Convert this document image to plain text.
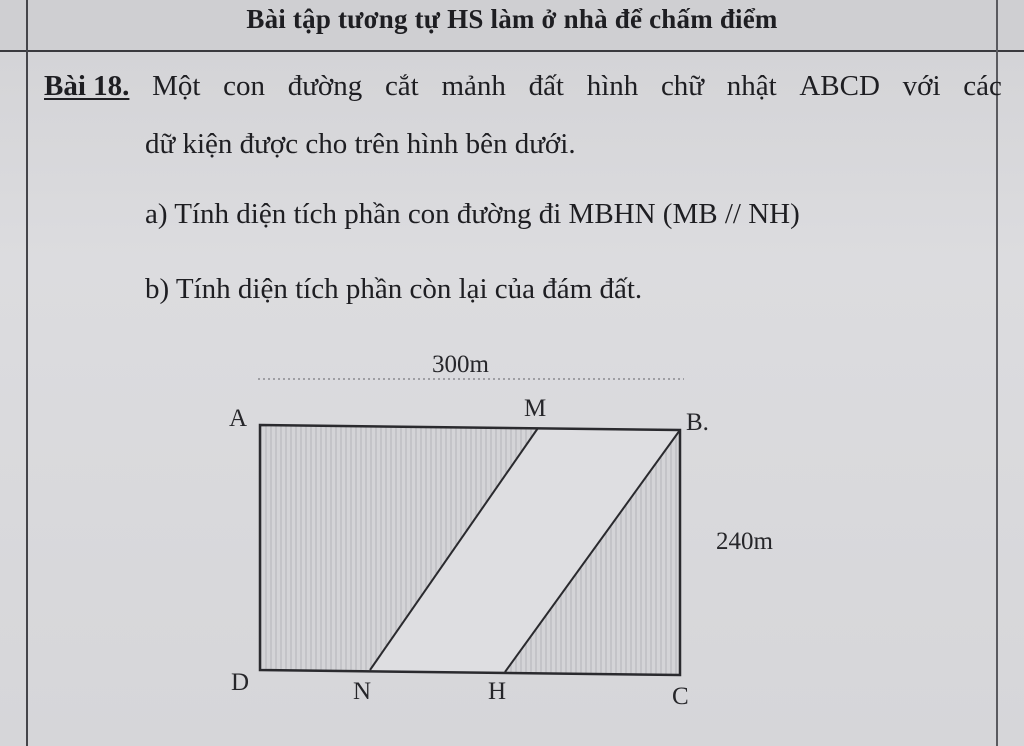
Bài tập tương tự HS làm ở nhà để chấm điểm
Bài 18. Một con đường cắt mảnh đất hình chữ nhật ABCD với các
dữ kiện được cho trên hình bên dưới.
a) Tính diện tích phần con đường đi MBHN (MB // NH)
b) Tính diện tích phần còn lại của đám đất.
300m
240m
A	M
B.
D	N	H	C
